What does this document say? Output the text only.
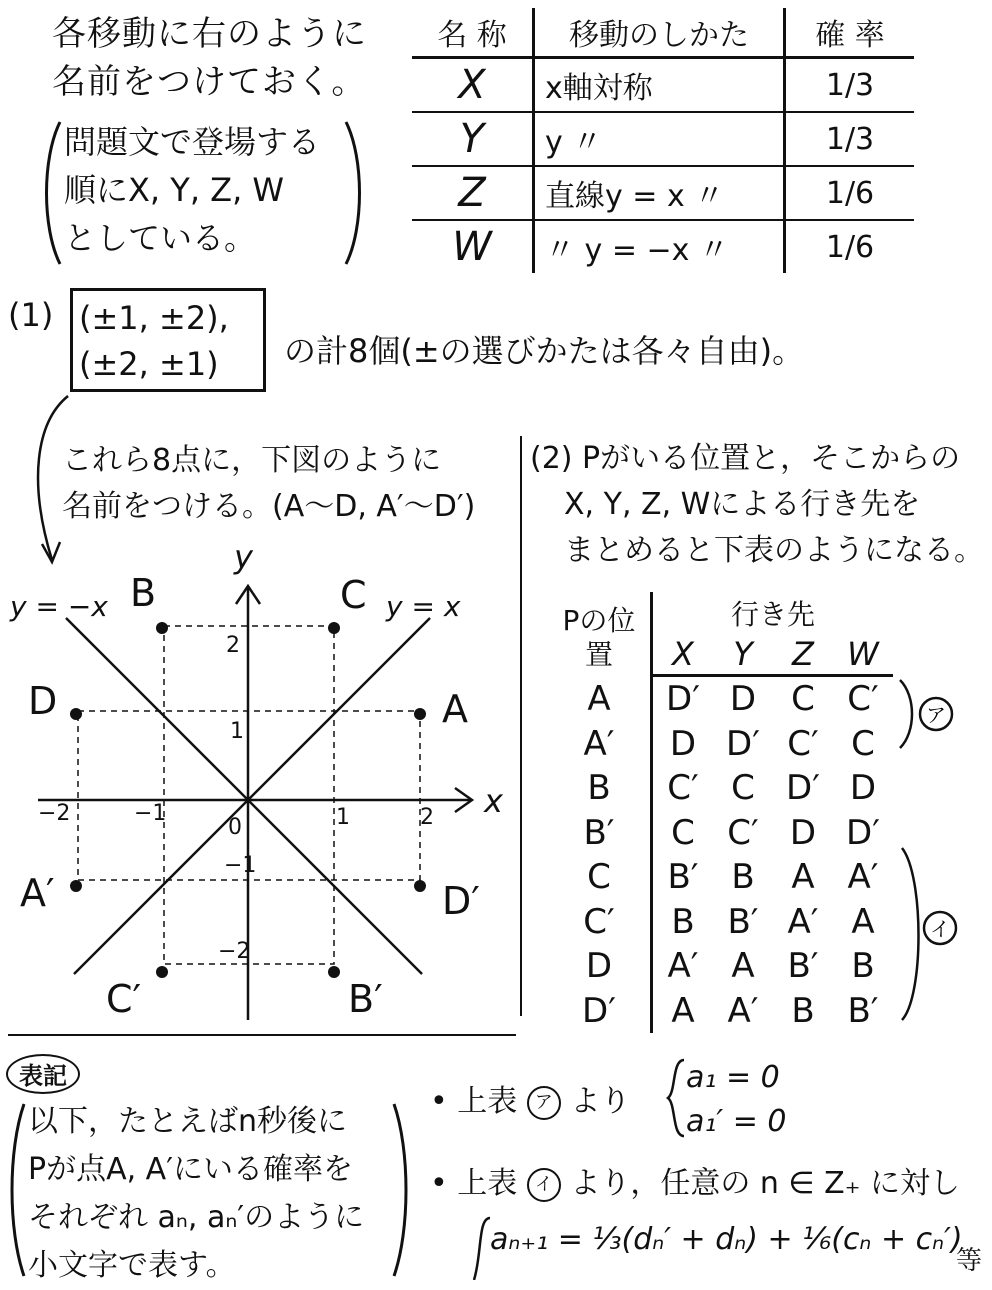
各移動に右のように
名前をつけておく。
問題文で登場する
順にX, Y, Z, W
としている。
名 称	移動のしかた	確 率
X	x軸対称	1/3
Y	y 〃	1/3
Z	直線y = x 〃	1/6
W	〃 y = −x 〃	1/6
(1) (±1, ±2),
(±2, ±1)	の計8個(±の選びかたは各々自由)。
これら8点に，下図のように
名前をつける。(A〜D, A′〜D′)
x
y
y = x
y = −x
0
−2	−1	1	2
2
1
−1
−2
A
B	C
D
A′
B′
C′
D′
(2) Pがいる位置と，そこからの
X, Y, Z, Wによる行き先を
まとめると下表のようになる。
Pの位置	行き先			
	X	Y	Z	W
A	D′	D	C	C′
A′	D	D′	C′	C
B	C′	C	D′	D
B′	C	C′	D	D′
C	B′	B	A	A′
C′	B	B′	A′	A
D	A′	A	B′	B
D′	A	A′	B	B′
ア
イ
表記
以下，たとえばn秒後に
Pが点A, A′にいる確率を
それぞれ aₙ, aₙ′のように
小文字で表す。
• 上表 ア より
a₁ = 0
a₁′ = 0
• 上表 イ より，任意の n ∈ Z₊ に対し
aₙ₊₁ = ⅓(dₙ′ + dₙ) + ⅙(cₙ + cₙ′)
等
